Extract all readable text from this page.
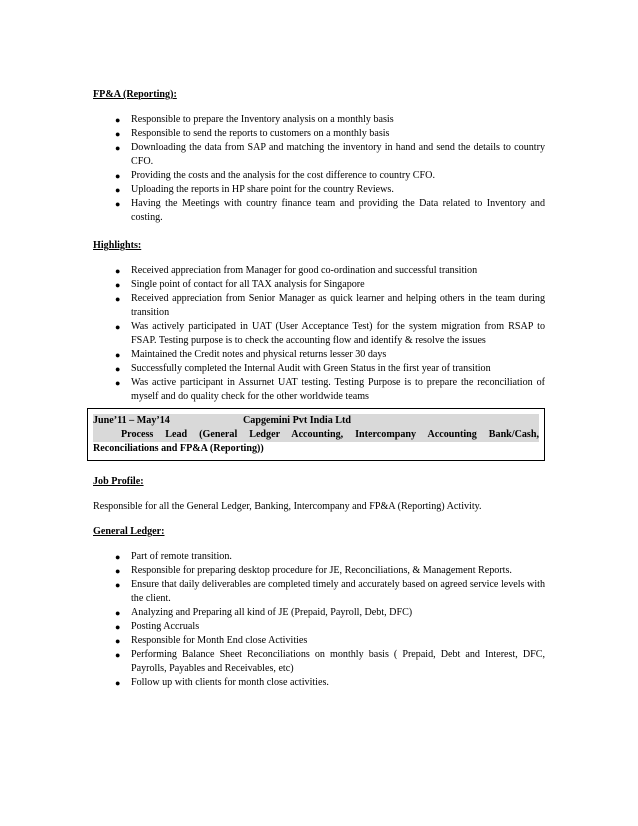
FP&A (Reporting):

● Responsible to prepare the Inventory analysis on a monthly basis
● Responsible to send the reports to customers on a monthly basis
● Downloading the data from SAP and matching the inventory in hand and send the details to country CFO.
● Providing the costs and the analysis for the cost difference to country CFO.
● Uploading the reports in HP share point for the country Reviews.
● Having the Meetings with country finance team and providing the Data related to Inventory and costing.

Highlights:

● Received appreciation from Manager for good co-ordination and successful transition
● Single point of contact for all TAX analysis for Singapore
● Received appreciation from Senior Manager as quick learner and helping others in the team during transition
● Was actively participated in UAT (User Acceptance Test) for the system migration from RSAP to FSAP. Testing purpose is to check the accounting flow and identify & resolve the issues
● Maintained the Credit notes and physical returns lesser 30 days
● Successfully completed the Internal Audit with Green Status in the first year of transition
● Was active participant in Assurnet UAT testing. Testing Purpose is to prepare the reconciliation of myself and do quality check for the other worldwide teams
June’11 – May’14	Capgemini Pvt India Ltd
Process Lead (General Ledger Accounting, Intercompany Accounting Bank/Cash,
Reconciliations and FP&A (Reporting))

Job Profile:

Responsible for all the General Ledger, Banking, Intercompany and FP&A (Reporting) Activity.

General Ledger:

● Part of remote transition.
● Responsible for preparing desktop procedure for JE, Reconciliations, & Management Reports.
● Ensure that daily deliverables are completed timely and accurately based on agreed service levels with the client.
● Analyzing and Preparing all kind of JE (Prepaid, Payroll, Debt, DFC)
● Posting Accruals
● Responsible for Month End close Activities
● Performing Balance Sheet Reconciliations on monthly basis ( Prepaid, Debt and Interest, DFC, Payrolls, Payables and Receivables, etc)
● Follow up with clients for month close activities.
